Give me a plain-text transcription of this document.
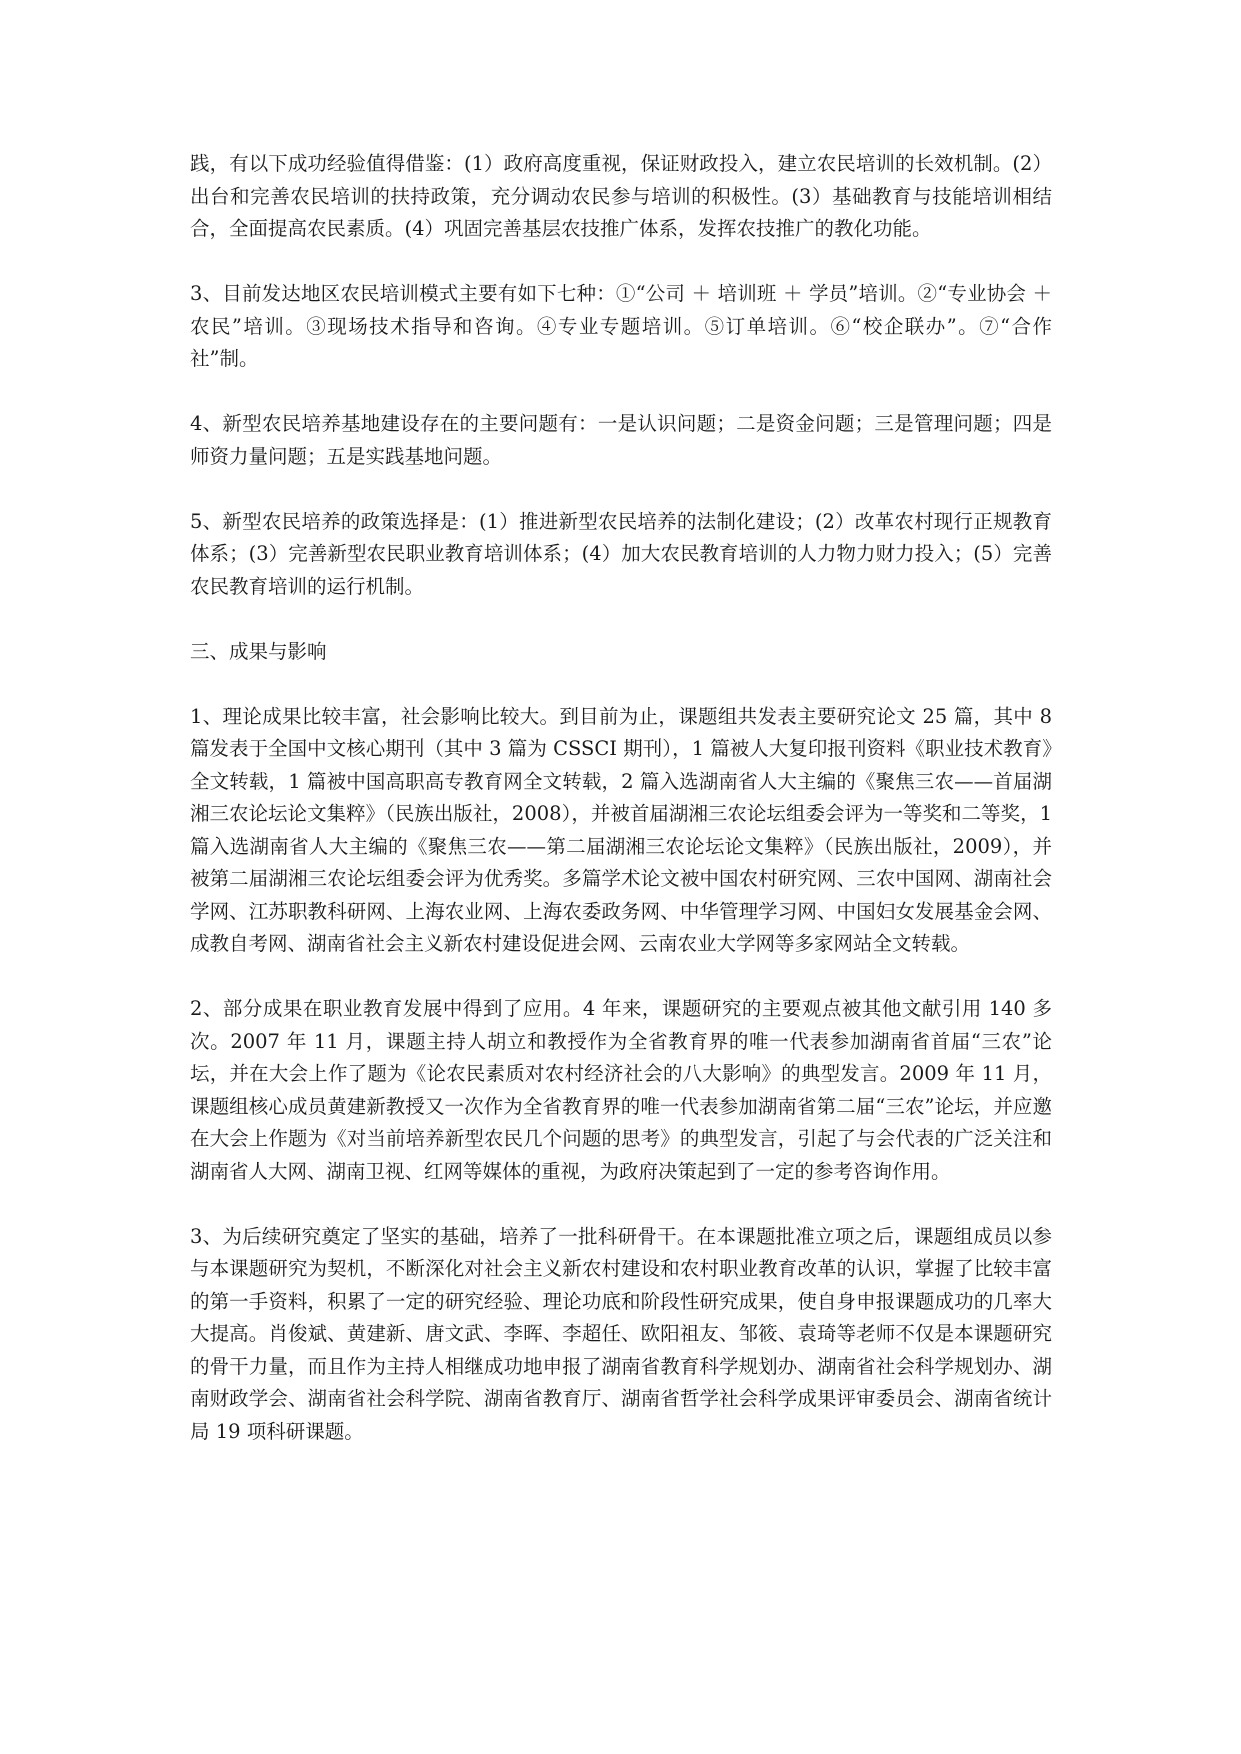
践，有以下成功经验值得借鉴：(1）政府高度重视，保证财政投入，建立农民培训的长效机制。(2）出台和完善农民培训的扶持政策，充分调动农民参与培训的积极性。(3）基础教育与技能培训相结合，全面提高农民素质。(4）巩固完善基层农技推广体系，发挥农技推广的教化功能。

3、目前发达地区农民培训模式主要有如下七种：①“公司 ＋ 培训班 ＋ 学员”培训。②“专业协会 ＋ 农民”培训。③现场技术指导和咨询。④专业专题培训。⑤订单培训。⑥“校企联办”。⑦“合作社”制。

4、新型农民培养基地建设存在的主要问题有：一是认识问题；二是资金问题；三是管理问题；四是师资力量问题；五是实践基地问题。

5、新型农民培养的政策选择是：(1）推进新型农民培养的法制化建设；(2）改革农村现行正规教育体系；(3）完善新型农民职业教育培训体系；(4）加大农民教育培训的人力物力财力投入；(5）完善农民教育培训的运行机制。

三、成果与影响

1、理论成果比较丰富，社会影响比较大。到目前为止，课题组共发表主要研究论文 25 篇，其中 8 篇发表于全国中文核心期刊（其中 3 篇为 CSSCI 期刊），1 篇被人大复印报刊资料《职业技术教育》全文转载，1 篇被中国高职高专教育网全文转载，2 篇入选湖南省人大主编的《聚焦三农——首届湖湘三农论坛论文集粹》（民族出版社，2008），并被首届湖湘三农论坛组委会评为一等奖和二等奖，1 篇入选湖南省人大主编的《聚焦三农——第二届湖湘三农论坛论文集粹》（民族出版社，2009），并被第二届湖湘三农论坛组委会评为优秀奖。多篇学术论文被中国农村研究网、三农中国网、湖南社会学网、江苏职教科研网、上海农业网、上海农委政务网、中华管理学习网、中国妇女发展基金会网、成教自考网、湖南省社会主义新农村建设促进会网、云南农业大学网等多家网站全文转载。

2、部分成果在职业教育发展中得到了应用。4 年来，课题研究的主要观点被其他文献引用 140 多次。2007 年 11 月，课题主持人胡立和教授作为全省教育界的唯一代表参加湖南省首届“三农”论坛，并在大会上作了题为《论农民素质对农村经济社会的八大影响》的典型发言。2009 年 11 月，课题组核心成员黄建新教授又一次作为全省教育界的唯一代表参加湖南省第二届“三农”论坛，并应邀在大会上作题为《对当前培养新型农民几个问题的思考》的典型发言，引起了与会代表的广泛关注和湖南省人大网、湖南卫视、红网等媒体的重视，为政府决策起到了一定的参考咨询作用。

3、为后续研究奠定了坚实的基础，培养了一批科研骨干。在本课题批准立项之后，课题组成员以参与本课题研究为契机，不断深化对社会主义新农村建设和农村职业教育改革的认识，掌握了比较丰富的第一手资料，积累了一定的研究经验、理论功底和阶段性研究成果，使自身申报课题成功的几率大大提高。肖俊斌、黄建新、唐文武、李晖、李超任、欧阳祖友、邹筱、袁琦等老师不仅是本课题研究的骨干力量，而且作为主持人相继成功地申报了湖南省教育科学规划办、湖南省社会科学规划办、湖南财政学会、湖南省社会科学院、湖南省教育厅、湖南省哲学社会科学成果评审委员会、湖南省统计局 19 项科研课题。
